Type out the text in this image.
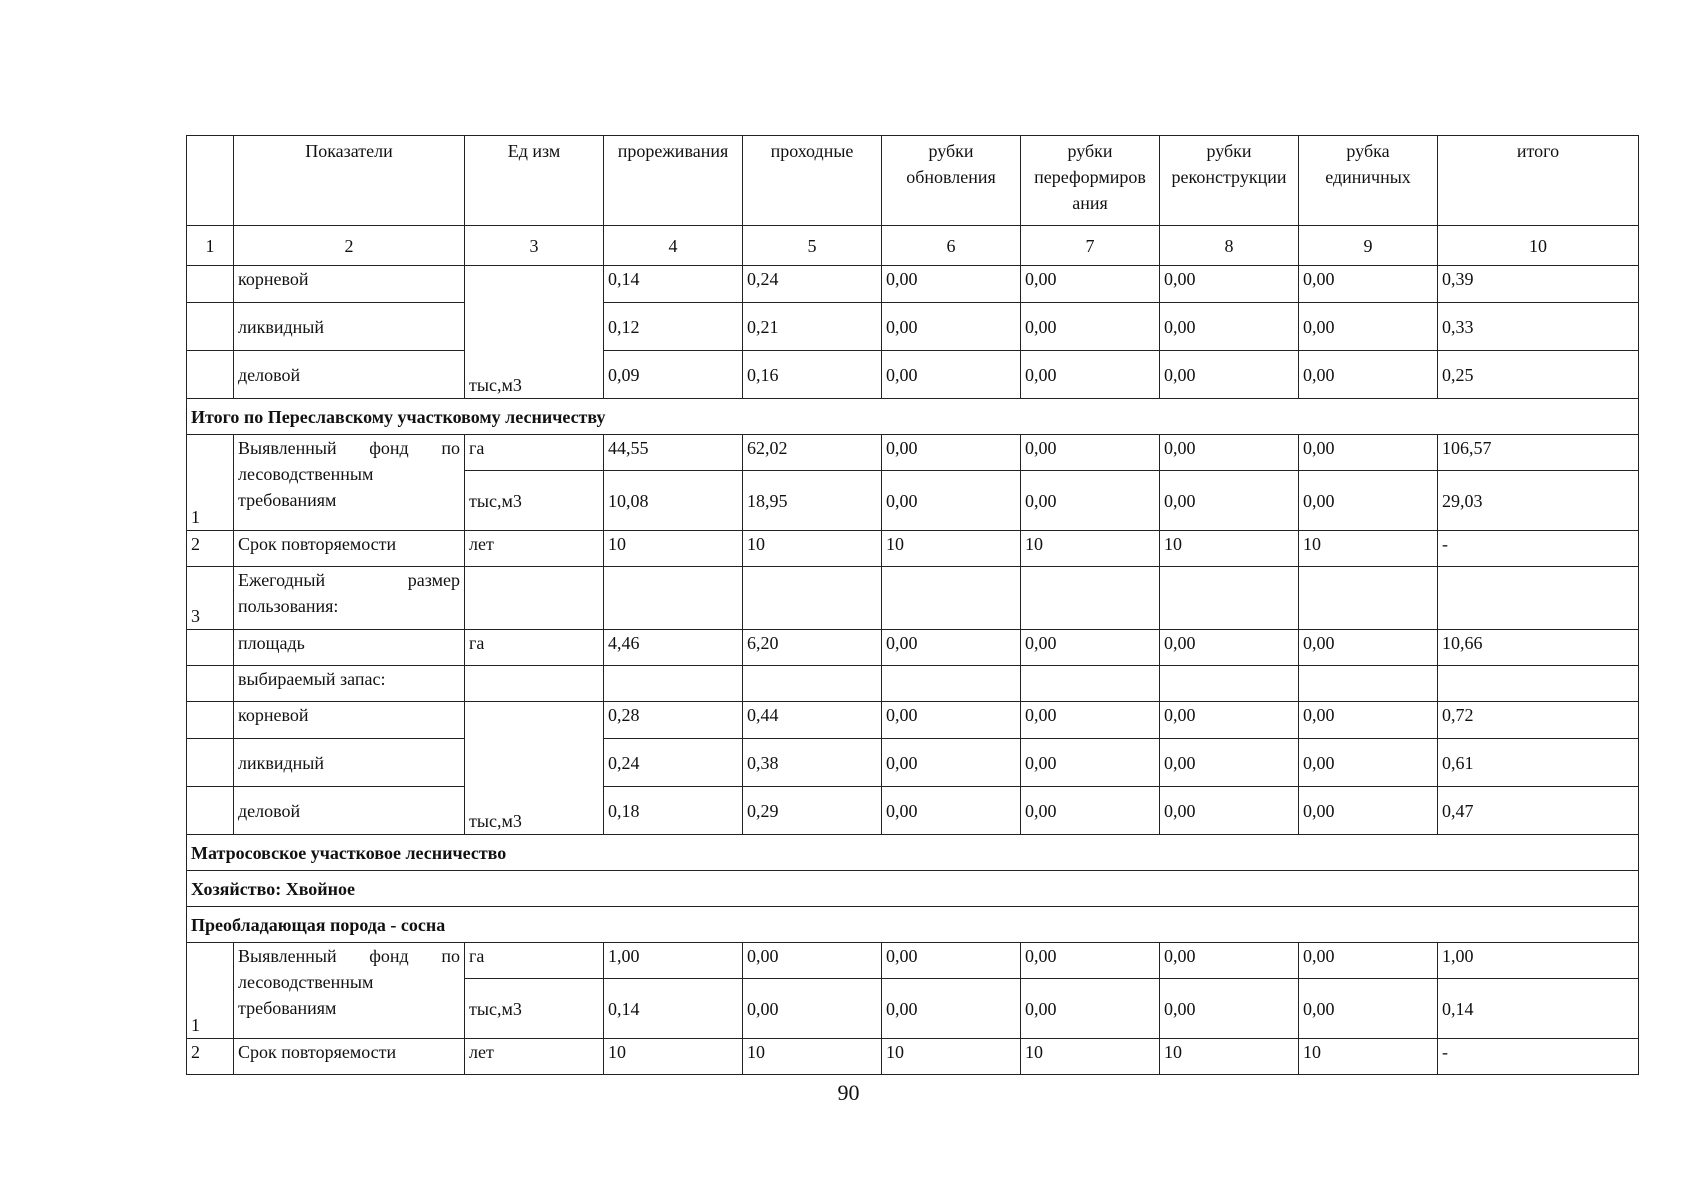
	Показатели	Ед изм	прореживания	проходные	рубки обновления	рубки переформиров ания	рубки реконструкции	рубка единичных	итого
1	2	3	4	5	6	7	8	9	10
	корневой	тыс,м3	0,14	0,24	0,00	0,00	0,00	0,00	0,39
	ликвидный		0,12	0,21	0,00	0,00	0,00	0,00	0,33
	деловой		0,09	0,16	0,00	0,00	0,00	0,00	0,25
Итого по Переславскому участковому лесничеству									
1	Выявленный фонд по лесоводственным требованиям	га	44,55	62,02	0,00	0,00	0,00	0,00	106,57
		тыс,м3	10,08	18,95	0,00	0,00	0,00	0,00	29,03
2	Срок повторяемости	лет	10	10	10	10	10	10	-
3	Ежегодный размер пользования:								
	площадь	га	4,46	6,20	0,00	0,00	0,00	0,00	10,66
	выбираемый запас:								
	корневой	тыс,м3	0,28	0,44	0,00	0,00	0,00	0,00	0,72
	ликвидный		0,24	0,38	0,00	0,00	0,00	0,00	0,61
	деловой		0,18	0,29	0,00	0,00	0,00	0,00	0,47
Матросовское участковое лесничество									
Хозяйство: Хвойное									
Преобладающая порода - сосна									
1	Выявленный фонд по лесоводственным требованиям	га	1,00	0,00	0,00	0,00	0,00	0,00	1,00
		тыс,м3	0,14	0,00	0,00	0,00	0,00	0,00	0,14
2	Срок повторяемости	лет	10	10	10	10	10	10	-
90
